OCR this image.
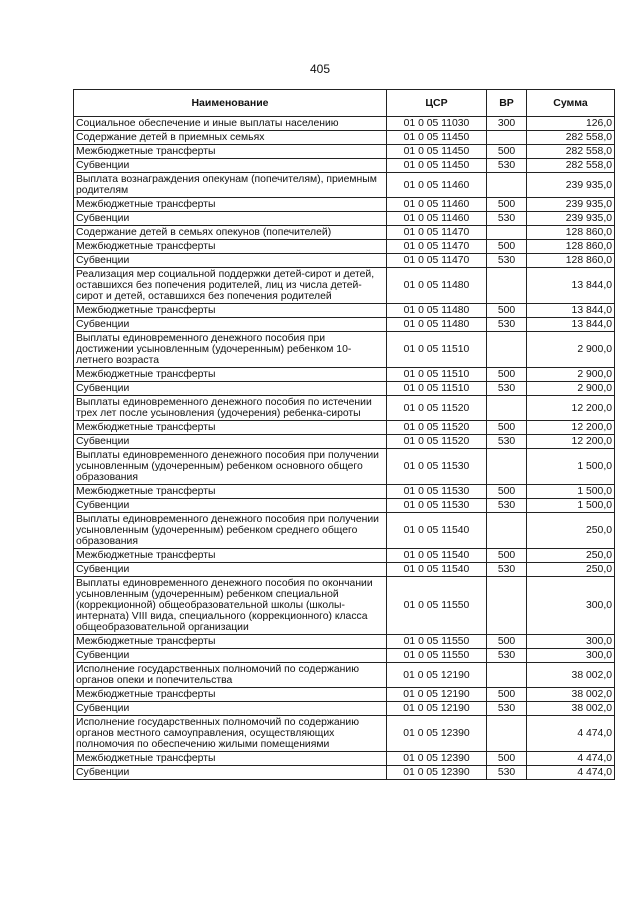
405
Наименование	ЦСР	ВР	Сумма
Социальное обеспечение и иные выплаты населению	01 0 05 11030	300	126,0
Содержание детей в приемных семьях	01 0 05 11450		282 558,0
Межбюджетные трансферты	01 0 05 11450	500	282 558,0
Субвенции	01 0 05 11450	530	282 558,0
Выплата вознаграждения опекунам (попечителям), приемным родителям	01 0 05 11460		239 935,0
Межбюджетные трансферты	01 0 05 11460	500	239 935,0
Субвенции	01 0 05 11460	530	239 935,0
Содержание детей в семьях опекунов (попечителей)	01 0 05 11470		128 860,0
Межбюджетные трансферты	01 0 05 11470	500	128 860,0
Субвенции	01 0 05 11470	530	128 860,0
Реализация мер социальной поддержки детей-сирот и детей, оставшихся без попечения родителей, лиц из числа детей-сирот и детей, оставшихся без попечения родителей	01 0 05 11480		13 844,0
Межбюджетные трансферты	01 0 05 11480	500	13 844,0
Субвенции	01 0 05 11480	530	13 844,0
Выплаты единовременного денежного пособия при достижении усыновленным (удочеренным) ребенком 10-летнего возраста	01 0 05 11510		2 900,0
Межбюджетные трансферты	01 0 05 11510	500	2 900,0
Субвенции	01 0 05 11510	530	2 900,0
Выплаты единовременного денежного пособия по истечении трех лет после усыновления (удочерения) ребенка-сироты	01 0 05 11520		12 200,0
Межбюджетные трансферты	01 0 05 11520	500	12 200,0
Субвенции	01 0 05 11520	530	12 200,0
Выплаты единовременного денежного пособия при получении усыновленным (удочеренным) ребенком основного общего образования	01 0 05 11530		1 500,0
Межбюджетные трансферты	01 0 05 11530	500	1 500,0
Субвенции	01 0 05 11530	530	1 500,0
Выплаты единовременного денежного пособия при получении усыновленным (удочеренным) ребенком среднего общего образования	01 0 05 11540		250,0
Межбюджетные трансферты	01 0 05 11540	500	250,0
Субвенции	01 0 05 11540	530	250,0
Выплаты единовременного денежного пособия по окончании усыновленным (удочеренным) ребенком специальной (коррекционной) общеобразовательной школы (школы-интерната) VIII вида, специального (коррекционного) класса общеобразовательной организации	01 0 05 11550		300,0
Межбюджетные трансферты	01 0 05 11550	500	300,0
Субвенции	01 0 05 11550	530	300,0
Исполнение государственных полномочий по содержанию органов опеки и попечительства	01 0 05 12190		38 002,0
Межбюджетные трансферты	01 0 05 12190	500	38 002,0
Субвенции	01 0 05 12190	530	38 002,0
Исполнение государственных полномочий по содержанию органов местного самоуправления, осуществляющих полномочия по обеспечению жилыми помещениями	01 0 05 12390		4 474,0
Межбюджетные трансферты	01 0 05 12390	500	4 474,0
Субвенции	01 0 05 12390	530	4 474,0
